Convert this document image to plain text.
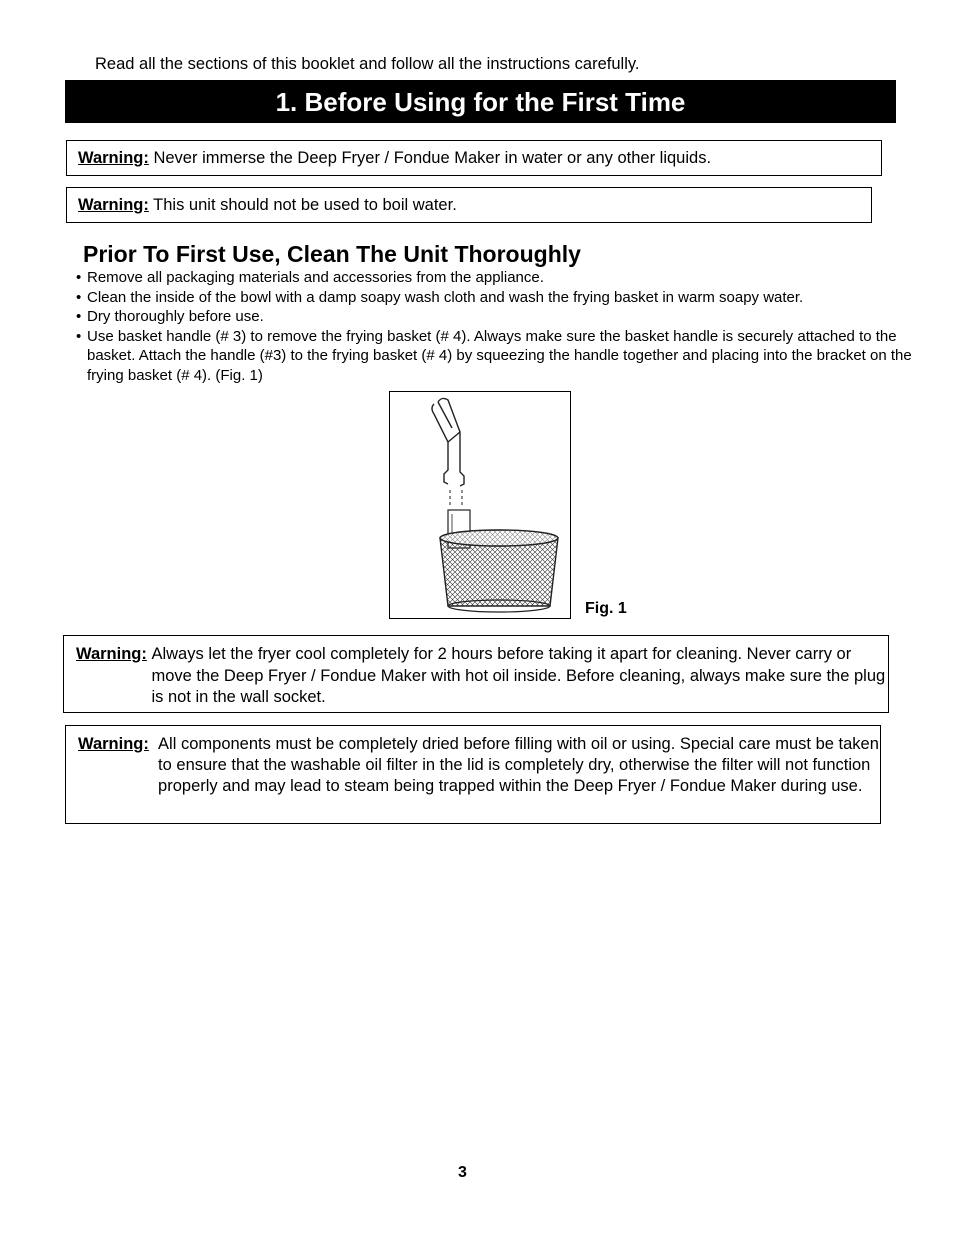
Read all the sections of this booklet and follow all the instructions carefully.
1. Before Using for the First Time
Warning: Never immerse the Deep Fryer / Fondue Maker in water or any other liquids.
Warning: This unit should not be used to boil water.
Prior To First Use, Clean The Unit Thoroughly
• Remove all packaging materials and accessories from the appliance.
• Clean the inside of the bowl with a damp soapy wash cloth and wash the frying basket in warm soapy water.
• Dry thoroughly before use.
• Use basket handle (# 3) to remove the frying basket (# 4). Always make sure the basket handle is securely attached to the basket. Attach the handle (#3) to the frying basket (# 4) by squeezing the handle together and placing into the bracket on the frying basket (# 4). (Fig. 1)
Fig. 1
Warning: Always let the fryer cool completely for 2 hours before taking it apart for cleaning. Never carry or move the Deep Fryer / Fondue Maker with hot oil inside. Before cleaning, always make sure the plug is not in the wall socket.
Warning: All components must be completely dried before filling with oil or using. Special care must be taken to ensure that the washable oil filter in the lid is completely dry, otherwise the filter will not function properly and may lead to steam being trapped within the Deep Fryer / Fondue Maker during use.
3
